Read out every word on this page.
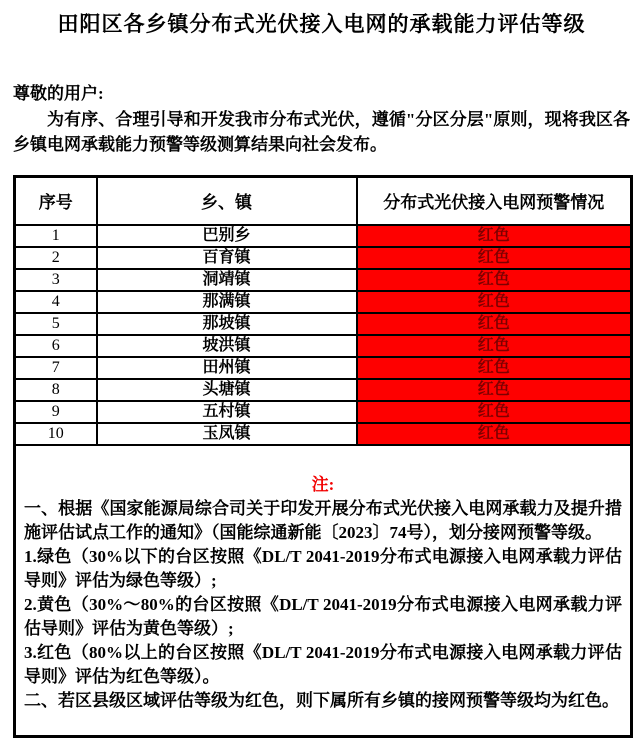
田阳区各乡镇分布式光伏接入电网的承载能力评估等级
尊敬的用户:

为有序、合理引导和开发我市分布式光伏，遵循"分区分层"原则，现将我区各乡镇电网承载能力预警等级测算结果向社会发布。

序号	乡、镇	分布式光伏接入电网预警情况
1	巴别乡	红色
2	百育镇	红色
3	洞靖镇	红色
4	那满镇	红色
5	那坡镇	红色
6	坡洪镇	红色
7	田州镇	红色
8	头塘镇	红色
9	五村镇	红色
10	玉凤镇	红色

注:
一、根据《国家能源局综合司关于印发开展分布式光伏接入电网承载力及提升措施评估试点工作的通知》（国能综通新能〔2023〕74号），划分接网预警等级。
1.绿色（30%以下的台区按照《DL/T 2041-2019分布式电源接入电网承载力评估导则》评估为绿色等级）;
2.黄色（30%～80%的台区按照《DL/T 2041-2019分布式电源接入电网承载力评估导则》评估为黄色等级）;
3.红色（80%以上的台区按照《DL/T 2041-2019分布式电源接入电网承载力评估导则》评估为红色等级）。
二、若区县级区域评估等级为红色，则下属所有乡镇的接网预警等级均为红色。
